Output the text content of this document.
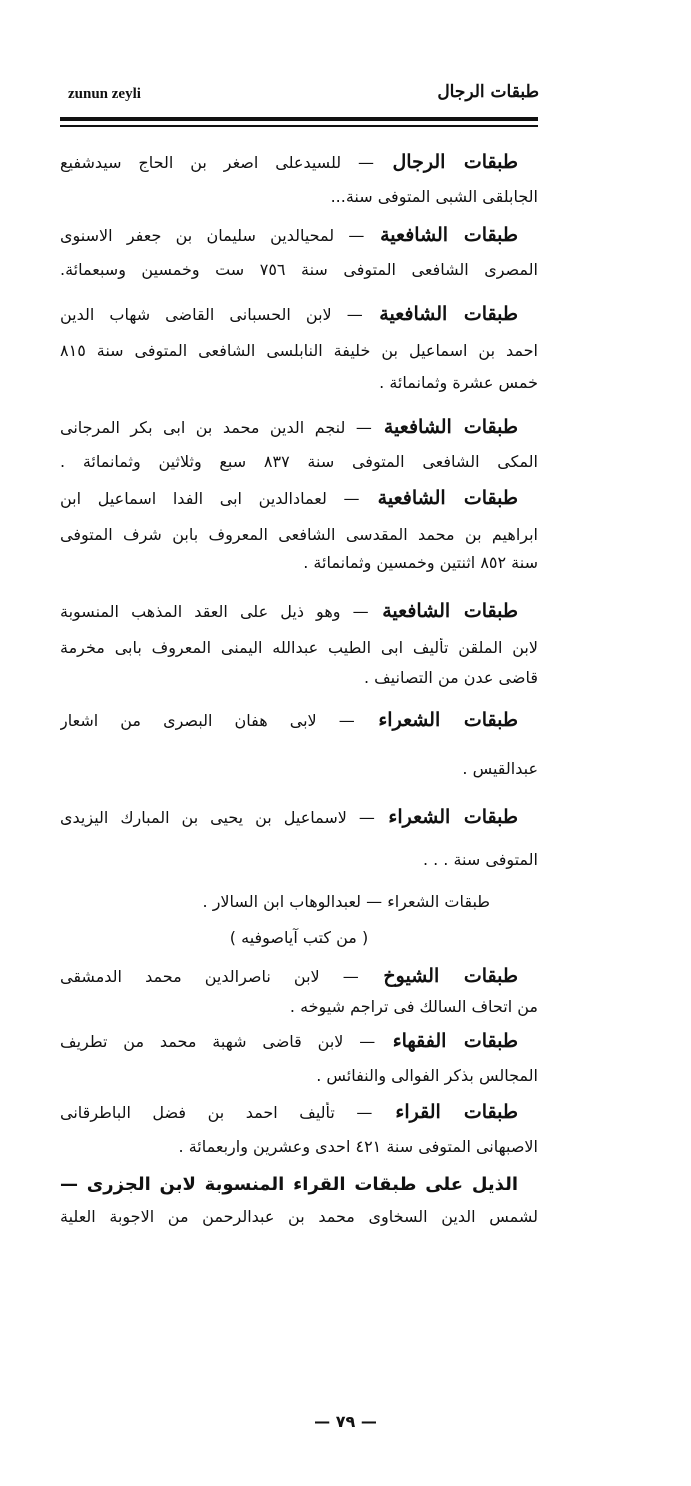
zunun zeyli	طبقات الرجال
طبقات الرجال — للسيدعلى اصغر بن الحاج سيدشفيع
الجابلقى الشبى المتوفى سنة...
طبقات الشافعية — لمحيالدين سليمان بن جعفر الاسنوى
المصرى الشافعى المتوفى سنة ٧٥٦ ست وخمسين وسبعمائة.
طبقات الشافعية — لابن الحسبانى القاضى شهاب الدين
احمد بن اسماعيل بن خليفة النابلسى الشافعى المتوفى سنة ٨١٥
خمس عشرة وثمانمائة .
طبقات الشافعية — لنجم الدين محمد بن ابى بكر المرجانى
المكى الشافعى المتوفى سنة ٨٣٧ سبع وثلاثين وثمانمائة .
طبقات الشافعية — لعمادالدين ابى الفدا اسماعيل ابن
ابراهيم بن محمد المقدسى الشافعى المعروف بابن شرف المتوفى
سنة ٨٥٢ اثنتين وخمسين وثمانمائة .
طبقات الشافعية — وهو ذيل على العقد المذهب المنسوبة
لابن الملقن تأليف ابى الطيب عبدالله اليمنى المعروف بابى مخرمة
قاضى عدن من التصانيف .
طبقات الشعراء — لابى هفان البصرى من اشعار
عبدالقيس .
طبقات الشعراء — لاسماعيل بن يحيى بن المبارك اليزيدى
المتوفى سنة . . .
طبقات الشعراء — لعبدالوهاب ابن السالار .
( من كتب آياصوفيه )
طبقات الشيوخ — لابن ناصرالدين محمد الدمشقى
من اتحاف السالك فى تراجم شيوخه .
طبقات الفقهاء — لابن قاضى شهبة محمد من تطريف
المجالس بذكر الفوالى والنفائس .
طبقات القراء — تأليف احمد بن فضل الباطرقانى
الاصبهانى المتوفى سنة ٤٢١ احدى وعشرين واربعمائة .
الذيل على طبقات القراء المنسوبة لابن الجزرى —
لشمس الدين السخاوى محمد بن عبدالرحمن من الاجوبة العلية
— ٧٩ —
